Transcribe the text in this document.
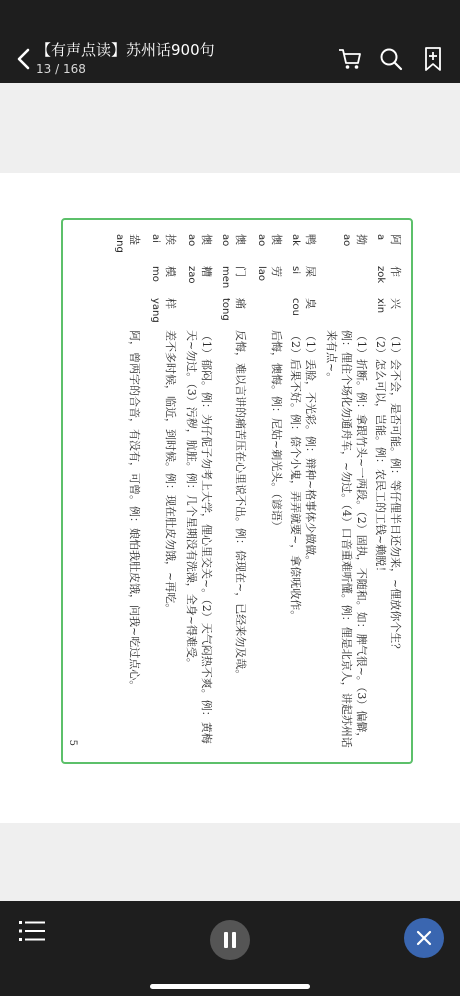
【有声点读】苏州话900句
13 / 168
阿
a
作
zok
兴
xin
（1）会不会，是否可能。例：等仔俚半日还勿来，~俚放你个生？
（2）怎么可以，岂能。例：农民工的工钱~赖脱！
拗
ao
（1）折断。例：拿跟竹头~一两段。（2）固执，不随和。如：脾气很~。（3）偏僻，例：俚住个场化勿通舟车，~勿过。（4）口音重难听懂。例：俚是北京人，讲起苏州话来有点~。
鸭
ak
屎
si
臭
cou
（1）丢脸，不光彩。例：辩种~格事体少做做。
（2）后果不好。例：倷个小鬼，弄弄就要~，拿倷呒收作。
懊
ao
劳
lao
后悔，懊悔。例：尼姑~剃光头。（谚语）
懊
ao
门
men
痛
tong
反悔，难以言讲的痛苦压在心里说不出。例：倷现在~，已经来勿及哉。
懊
ao
糟
zao
（1）郁闷。例：为仔伲子勿考上大学，俚心里交关~。（2）天气闷热不爽。例：黄梅天~勿过。（3）污秽，肮脏。例：几个星期没有洗澡，全身~得难受。
挨
ai
模
mo
样
yang
差不多时候，临近，到时候。例：现在肚皮勿饿，~再吃。
盎
ang
阿，曾两字的合音，有没有，可曾。例：娘怕我肚皮饿，问我~吃过点心。
5
